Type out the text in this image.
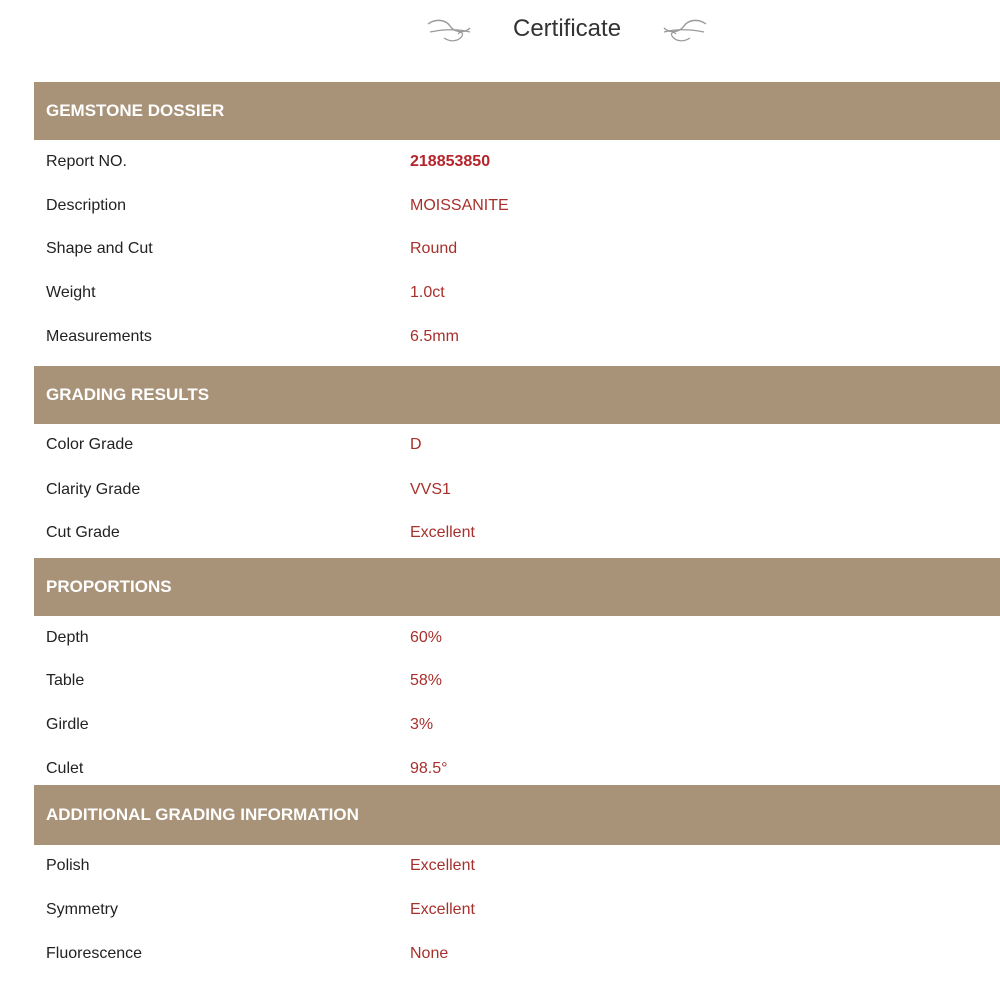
Certificate
GEMSTONE DOSSIER
Report NO.	218853850
Description	MOISSANITE
Shape and Cut	Round
Weight	1.0ct
Measurements	6.5mm
GRADING RESULTS
Color Grade	D
Clarity Grade	VVS1
Cut Grade	Excellent
PROPORTIONS
Depth	60%
Table	58%
Girdle	3%
Culet	98.5°
ADDITIONAL GRADING INFORMATION
Polish	Excellent
Symmetry	Excellent
Fluorescence	None
